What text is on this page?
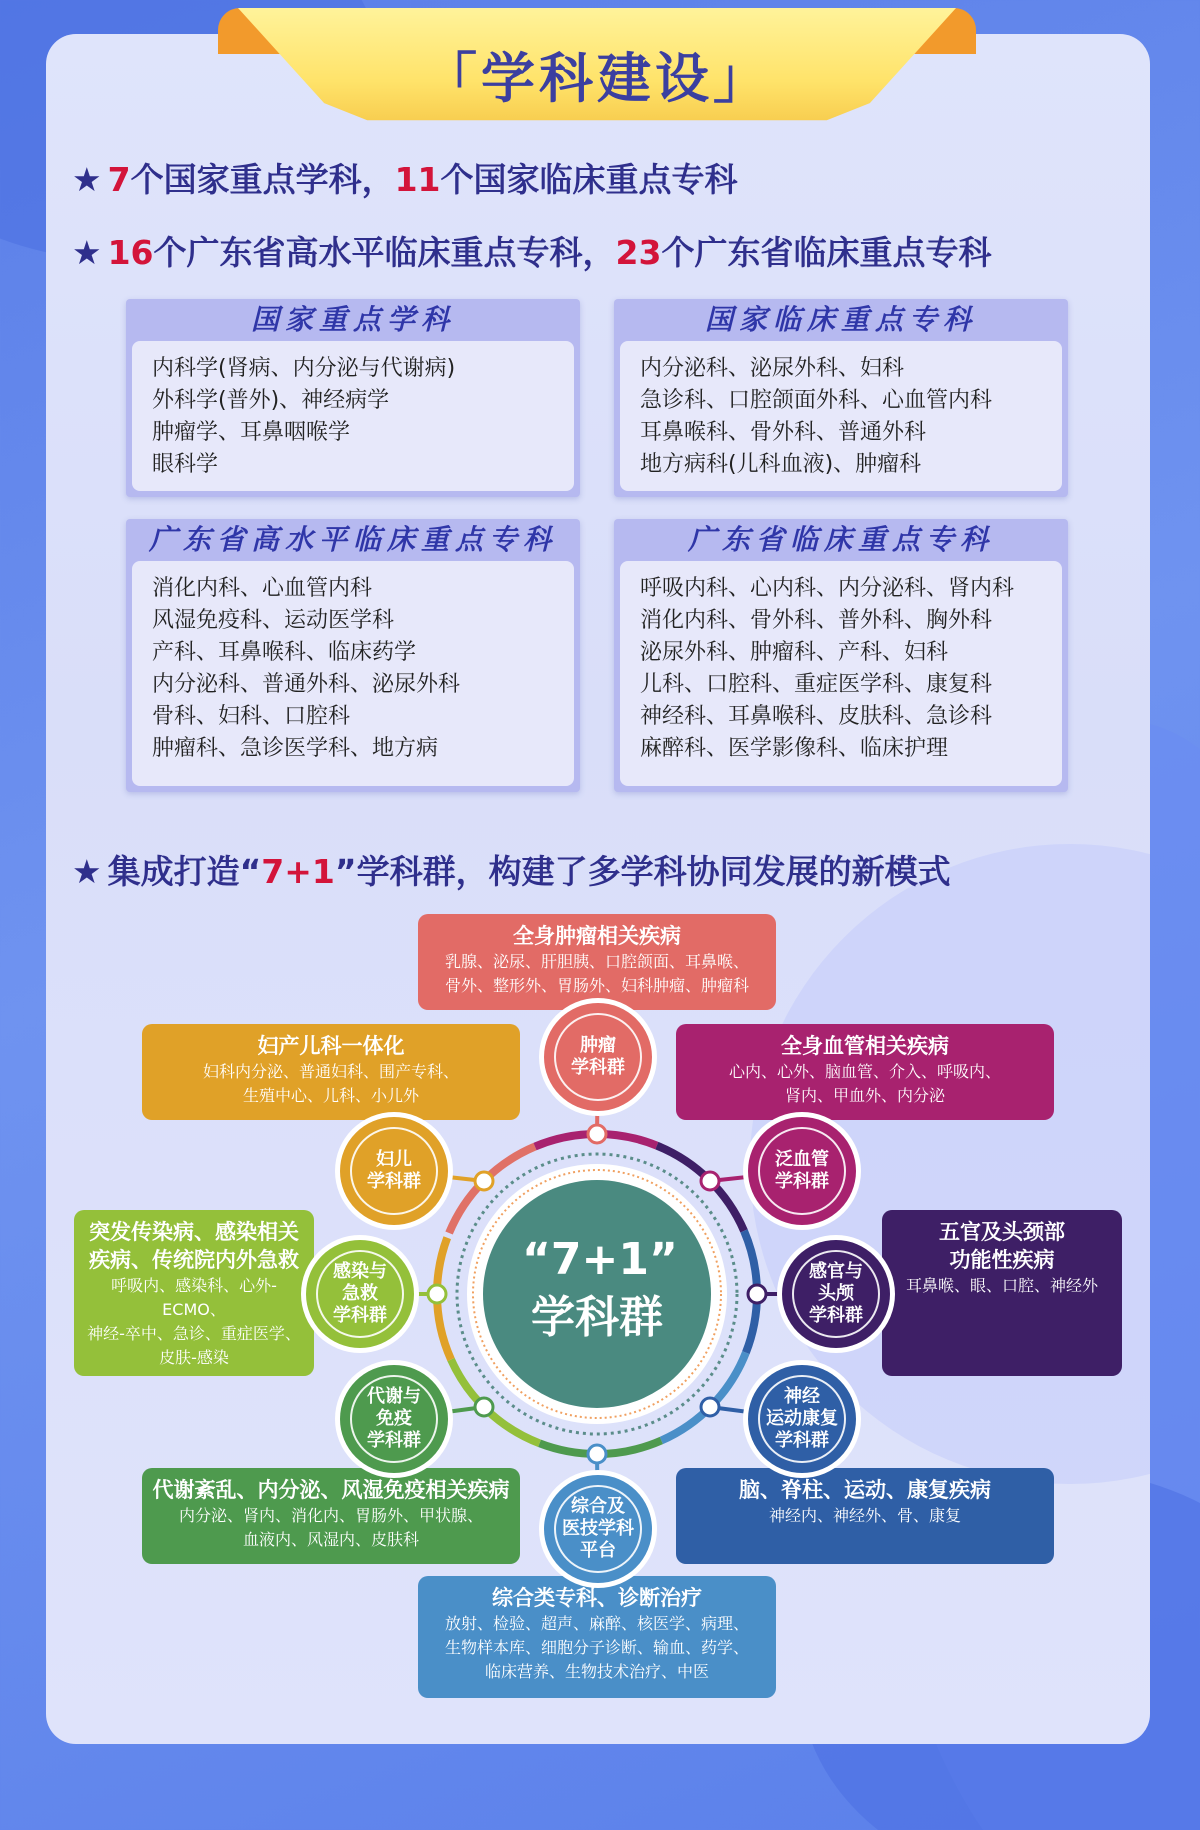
「学科建设」
★ 7个国家重点学科，11个国家临床重点专科
★ 16个广东省高水平临床重点专科，23个广东省临床重点专科
★ 集成打造“7+1”学科群，构建了多学科协同发展的新模式
国家重点学科
内科学(肾病、内分泌与代谢病)
外科学(普外)、神经病学
肿瘤学、耳鼻咽喉学
眼科学
国家临床重点专科
内分泌科、泌尿外科、妇科
急诊科、口腔颌面外科、心血管内科
耳鼻喉科、骨外科、普通外科
地方病科(儿科血液)、肿瘤科
广东省高水平临床重点专科
消化内科、心血管内科
风湿免疫科、运动医学科
产科、耳鼻喉科、临床药学
内分泌科、普通外科、泌尿外科
骨科、妇科、口腔科
肿瘤科、急诊医学科、地方病
广东省临床重点专科
呼吸内科、心内科、内分泌科、肾内科
消化内科、骨外科、普外科、胸外科
泌尿外科、肿瘤科、产科、妇科
儿科、口腔科、重症医学科、康复科
神经科、耳鼻喉科、皮肤科、急诊科
麻醉科、医学影像科、临床护理
“7+1”
学科群
全身肿瘤相关疾病
乳腺、泌尿、肝胆胰、口腔颌面、耳鼻喉、
骨外、整形外、胃肠外、妇科肿瘤、肿瘤科
肿瘤
学科群
全身血管相关疾病
心内、心外、脑血管、介入、呼吸内、
肾内、甲血外、内分泌
泛血管
学科群
五官及头颈部
功能性疾病
耳鼻喉、眼、口腔、神经外
感官与
头颅
学科群
脑、脊柱、运动、康复疾病
神经内、神经外、骨、康复
神经
运动康复
学科群
综合类专科、诊断治疗
放射、检验、超声、麻醉、核医学、病理、
生物样本库、细胞分子诊断、输血、药学、
临床营养、生物技术治疗、中医
综合及
医技学科
平台
代谢紊乱、内分泌、风湿免疫相关疾病
内分泌、肾内、消化内、胃肠外、甲状腺、
血液内、风湿内、皮肤科
代谢与
免疫
学科群
突发传染病、感染相关
疾病、传统院内外急救
呼吸内、感染科、心外-ECMO、
神经-卒中、急诊、重症医学、
皮肤-感染
感染与
急救
学科群
妇产儿科一体化
妇科内分泌、普通妇科、围产专科、
生殖中心、儿科、小儿外
妇儿
学科群
